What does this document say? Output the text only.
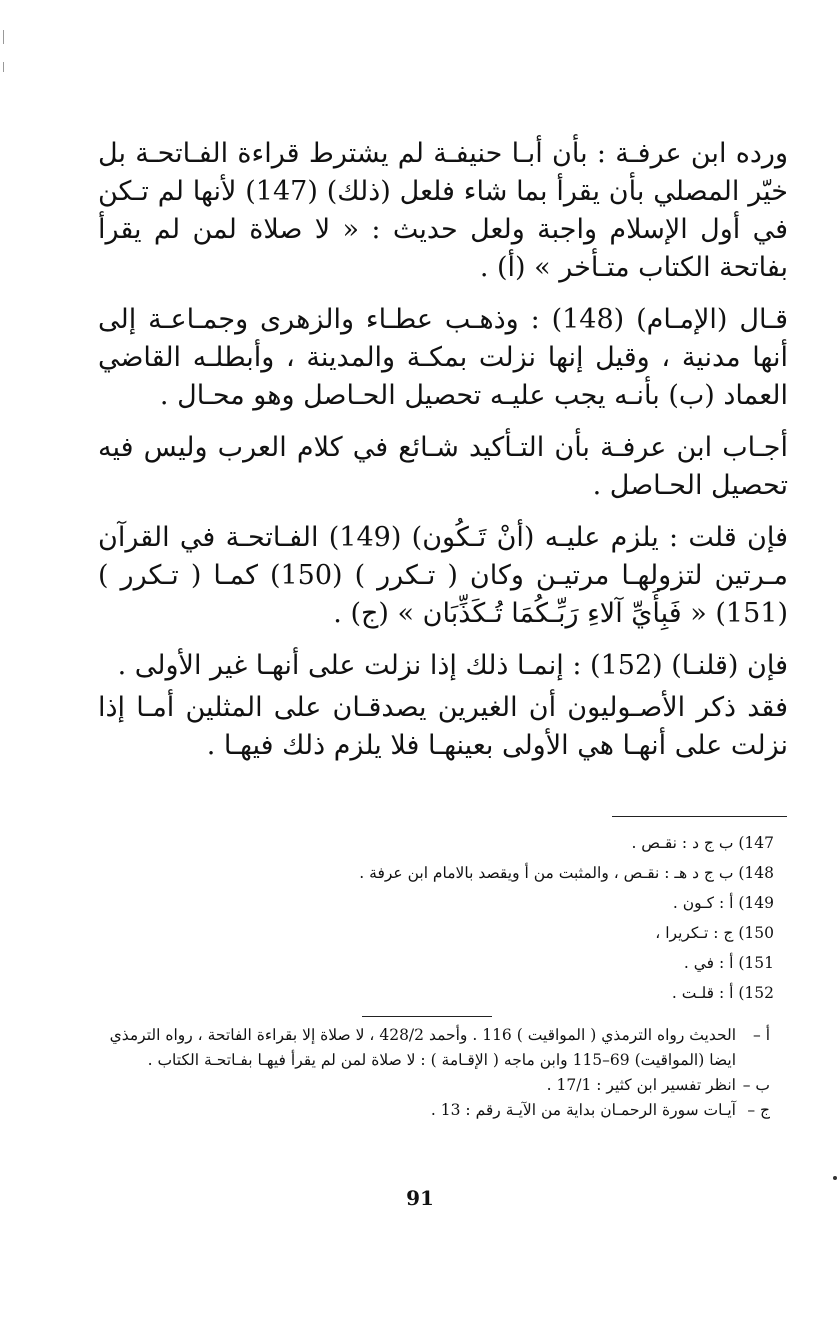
ورده ابن عرفـة : بأن أبـا حنيفـة لم يشترط قراءة الفـاتحـة بل خيّر المصلي بأن يقرأ بما شاء فلعل (ذلك) (147) لأنها لم تـكن في أول الإسلام واجبة ولعل حديث : « لا صلاة لمن لم يقرأ بفاتحة الكتاب متـأخر » (أ) .

قـال (الإمـام) (148) : وذهـب عطـاء والزهرى وجمـاعـة إلى أنها مدنية ، وقيل إنها نزلت بمكـة والمدينة ، وأبطلـه القاضي العماد (ب) بأنـه يجب عليـه تحصيل الحـاصل وهو محـال .

أجـاب ابن عرفـة بأن التـأكيد شـائع في كلام العرب وليس فيه تحصيل الحـاصل .

فإن قلت : يلزم عليـه (أنْ تَـكُون) (149) الفـاتحـة في القرآن مـرتين لتزولهـا مرتيـن وكان ( تـكرر ) (150) كمـا ( تـكرر ) (151) « فَبِأَيِّ آلاءِ رَبِّـكُمَا تُـكَذِّبَان » (ج) .

فإن (قلنـا) (152) : إنمـا ذلك إذا نزلت على أنهـا غير الأولى .

فقد ذكر الأصـوليون أن الغيرين يصدقـان على المثلين أمـا إذا نزلت على أنهـا هي الأولى بعينهـا فلا يلزم ذلك فيهـا .

147) ب ج د : نقـص .
148) ب ج د هـ : نقـص ، والمثبت من أ ويقصد بالامام ابن عرفة .
149) أ : كـون .
150) ج : تـكريرا ،
151) أ : في .
152) أ : قلـت .
أ –
الحديث رواه الترمذي ( المواقيت ) 116 . وأحمد 428/2 ، لا صلاة إلا بقراءة الفاتحة ، رواه الترمذي ايضا (المواقيت) 69–115 وابن ماجه ( الإقـامة ) : لا صلاة لمن لم يقرأ فيهـا بفـاتحـة الكتاب .
ب –
انظر تفسير ابن كثير : 17/1 .
ج –
آيـات سورة الرحمـان بداية من الآيـة رقم : 13 .
91
